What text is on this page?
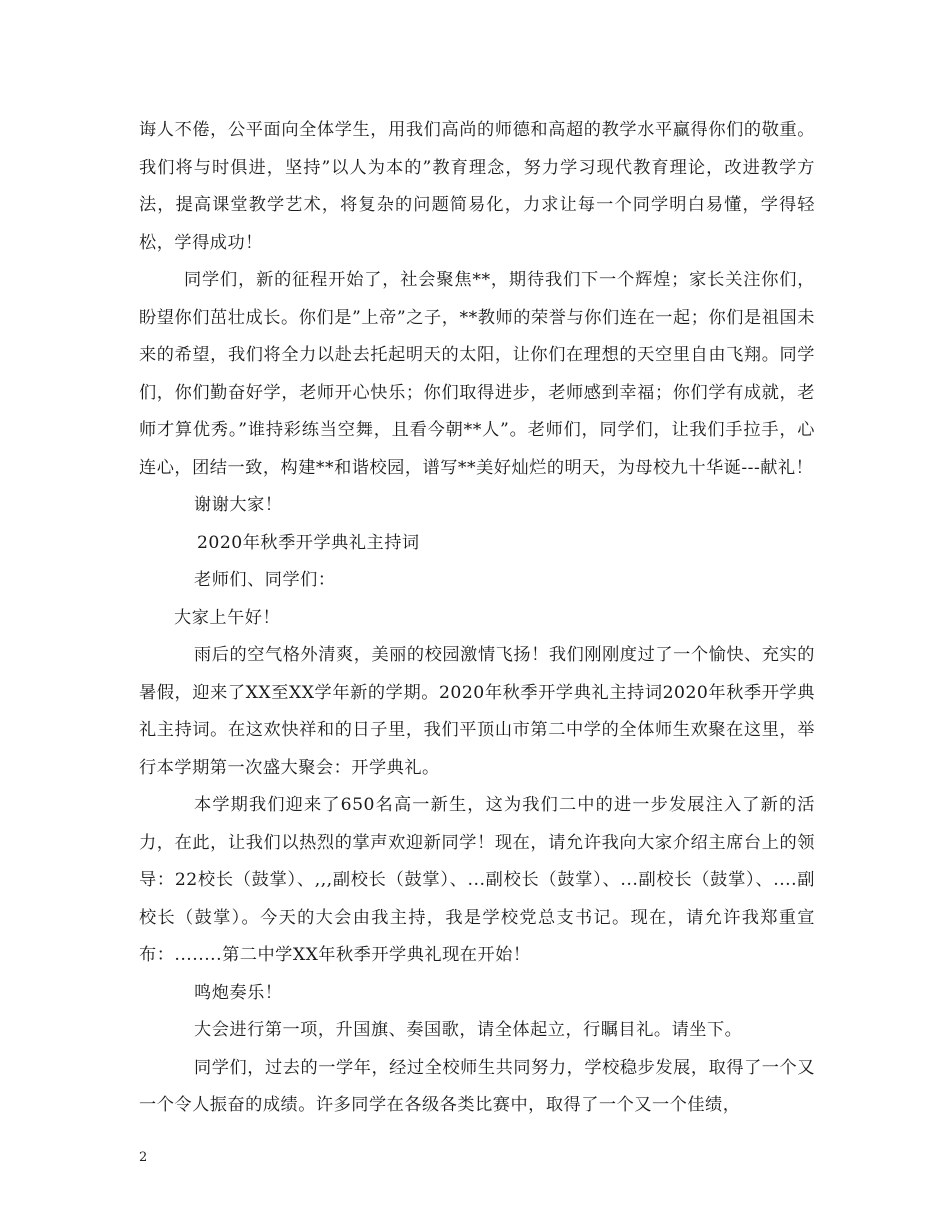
诲人不倦，公平面向全体学生，用我们高尚的师德和高超的教学水平赢得你们的敬重。我们将与时俱进，坚持”以人为本的”教育理念，努力学习现代教育理论，改进教学方法，提高课堂教学艺术，将复杂的问题简易化，力求让每一个同学明白易懂，学得轻松，学得成功！

同学们，新的征程开始了，社会聚焦**，期待我们下一个辉煌；家长关注你们，盼望你们茁壮成长。你们是”上帝”之子，**教师的荣誉与你们连在一起；你们是祖国未来的希望，我们将全力以赴去托起明天的太阳，让你们在理想的天空里自由飞翔。同学们，你们勤奋好学，老师开心快乐；你们取得进步，老师感到幸福；你们学有成就，老师才算优秀。”谁持彩练当空舞，且看今朝**人”。老师们，同学们，让我们手拉手，心连心，团结一致，构建**和谐校园，谱写**美好灿烂的明天，为母校九十华诞---献礼！

谢谢大家！

2020年秋季开学典礼主持词

老师们、同学们：

大家上午好！

雨后的空气格外清爽，美丽的校园激情飞扬！我们刚刚度过了一个愉快、充实的暑假，迎来了XX至XX学年新的学期。2020年秋季开学典礼主持词2020年秋季开学典礼主持词。在这欢快祥和的日子里，我们平顶山市第二中学的全体师生欢聚在这里，举行本学期第一次盛大聚会：开学典礼。

本学期我们迎来了650名高一新生，这为我们二中的进一步发展注入了新的活力，在此，让我们以热烈的掌声欢迎新同学！现在，请允许我向大家介绍主席台上的领导：22校长（鼓掌）、,,,副校长（鼓掌）、...副校长（鼓掌）、...副校长（鼓掌）、....副校长（鼓掌）。今天的大会由我主持，我是学校党总支书记。现在，请允许我郑重宣布：........第二中学XX年秋季开学典礼现在开始！

鸣炮奏乐！

大会进行第一项，升国旗、奏国歌，请全体起立，行瞩目礼。请坐下。

同学们，过去的一学年，经过全校师生共同努力，学校稳步发展，取得了一个又一个令人振奋的成绩。许多同学在各级各类比赛中，取得了一个又一个佳绩，

2
